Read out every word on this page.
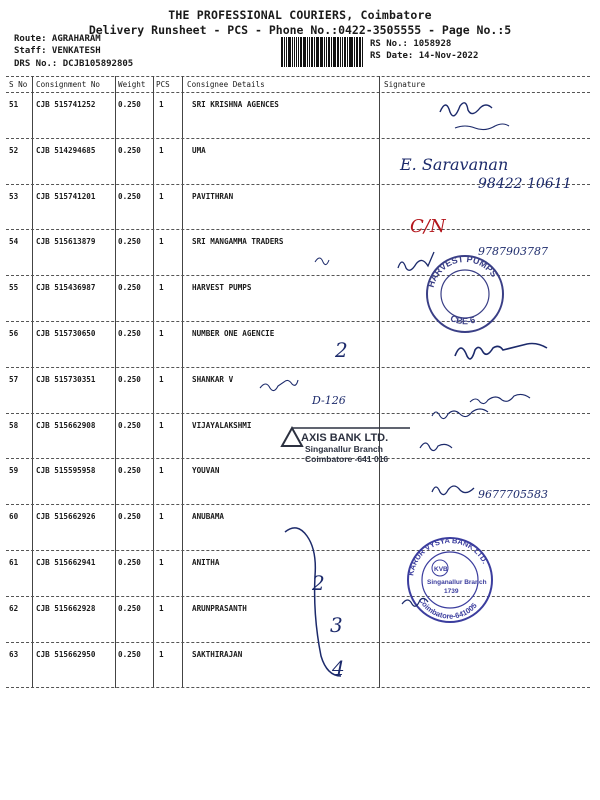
THE PROFESSIONAL COURIERS, Coimbatore
Delivery Runsheet - PCS - Phone No.:0422-3505555 - Page No.:5
Route: AGRAHARAM
Staff: VENKATESH
DRS No.: DCJB105892805
RS No.: 1058928
RS Date: 14-Nov-2022
S No Consignment No Weight PCS Consignee Details	Signature
51 CJB 515741252	0.250 1	SRI KRISHNA AGENCES
52 CJB 514294685	0.250 1	UMA
53 CJB 515741201	0.250 1	PAVITHRAN
54 CJB 515613879	0.250 1	SRI MANGAMMA TRADERS
55 CJB 515436987	0.250 1	HARVEST PUMPS
56 CJB 515730650	0.250 1	NUMBER ONE AGENCIE
57 CJB 515730351	0.250 1	SHANKAR V
58 CJB 515662908	0.250 1	VIJAYALAKSHMI
59 CJB 515595958	0.250 1	YOUVAN
60 CJB 515662926	0.250 1	ANUBAMA
61 CJB 515662941	0.250 1	ANITHA
62 CJB 515662928	0.250 1	ARUNPRASANTH
63 CJB 515662950	0.250 1	SAKTHIRAJAN
E. Saravanan
98422 10611
C/N
9787903787
HARVEST PUMPS
CBE-6
2
D-126
AXIS BANK LTD.
Singanallur Branch
Coimbatore -641 016
9677705583
2
3
4
KARUR VYSYA BANK LTD.
Coimbatore-641005
KVB
Singanallur Branch
1739
